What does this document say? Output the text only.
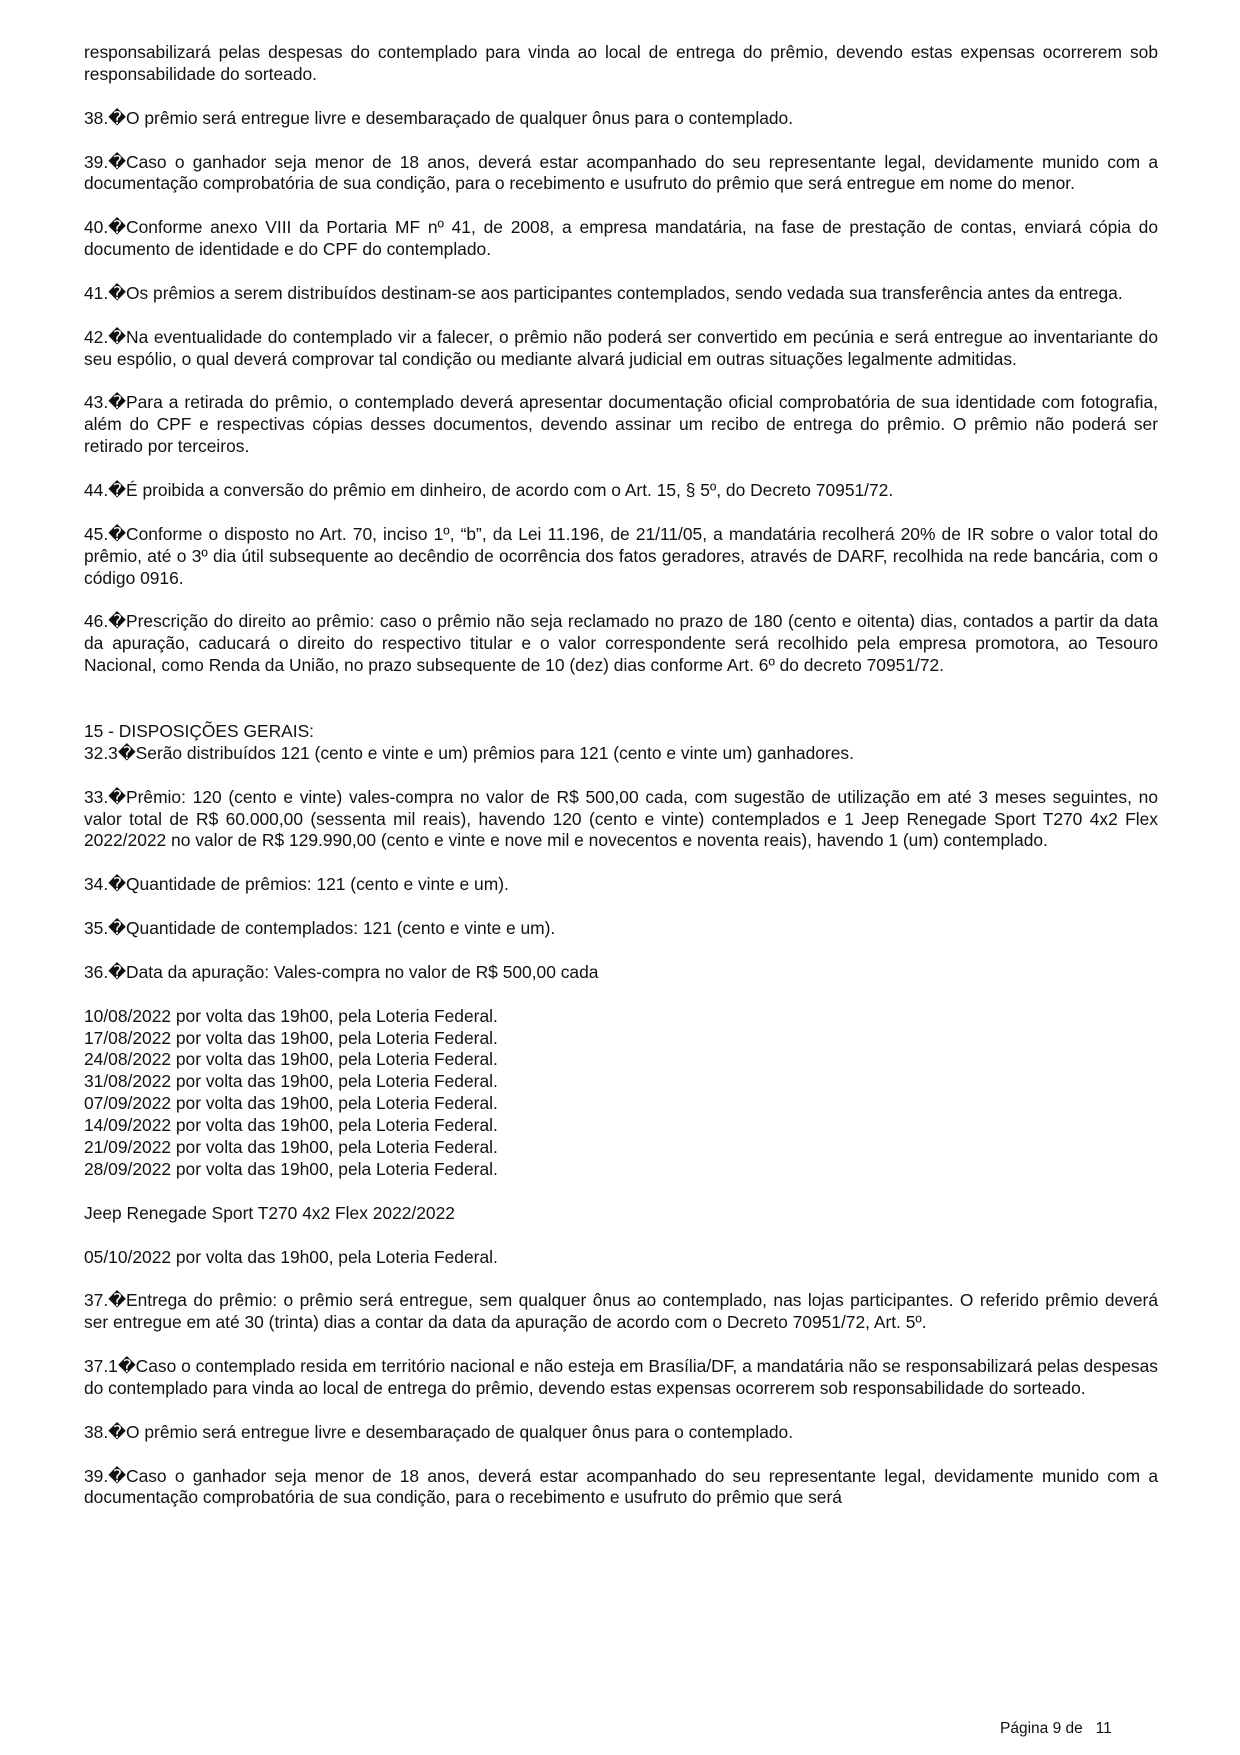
responsabilizará pelas despesas do contemplado para vinda ao local de entrega do prêmio, devendo estas expensas ocorrerem sob responsabilidade do sorteado.

38.�O prêmio será entregue livre e desembaraçado de qualquer ônus para o contemplado.

39.�Caso o ganhador seja menor de 18 anos, deverá estar acompanhado do seu representante legal, devidamente munido com a documentação comprobatória de sua condição, para o recebimento e usufruto do prêmio que será entregue em nome do menor.

40.�Conforme anexo VIII da Portaria MF nº 41, de 2008, a empresa mandatária, na fase de prestação de contas, enviará cópia do documento de identidade e do CPF do contemplado.

41.�Os prêmios a serem distribuídos destinam-se aos participantes contemplados, sendo vedada sua transferência antes da entrega.

42.�Na eventualidade do contemplado vir a falecer, o prêmio não poderá ser convertido em pecúnia e será entregue ao inventariante do seu espólio, o qual deverá comprovar tal condição ou mediante alvará judicial em outras situações legalmente admitidas.

43.�Para a retirada do prêmio, o contemplado deverá apresentar documentação oficial comprobatória de sua identidade com fotografia, além do CPF e respectivas cópias desses documentos, devendo assinar um recibo de entrega do prêmio. O prêmio não poderá ser retirado por terceiros.

44.�É proibida a conversão do prêmio em dinheiro, de acordo com o Art. 15, § 5º, do Decreto 70951/72.

45.�Conforme o disposto no Art. 70, inciso 1º, “b”, da Lei 11.196, de 21/11/05, a mandatária recolherá 20% de IR sobre o valor total do prêmio, até o 3º dia útil subsequente ao decêndio de ocorrência dos fatos geradores, através de DARF, recolhida na rede bancária, com o código 0916.

46.�Prescrição do direito ao prêmio: caso o prêmio não seja reclamado no prazo de 180 (cento e oitenta) dias, contados a partir da data da apuração, caducará o direito do respectivo titular e o valor correspondente será recolhido pela empresa promotora, ao Tesouro Nacional, como Renda da União, no prazo subsequente de 10 (dez) dias conforme Art. 6º do decreto 70951/72.

15 - DISPOSIÇÕES GERAIS:

32.3�Serão distribuídos 121 (cento e vinte e um) prêmios para 121 (cento e vinte um) ganhadores.

33.�Prêmio: 120 (cento e vinte) vales-compra no valor de R$ 500,00 cada, com sugestão de utilização em até 3 meses seguintes, no valor total de R$ 60.000,00 (sessenta mil reais), havendo 120 (cento e vinte) contemplados e 1 Jeep Renegade Sport T270 4x2 Flex 2022/2022 no valor de R$ 129.990,00 (cento e vinte e nove mil e novecentos e noventa reais), havendo 1 (um) contemplado.

34.�Quantidade de prêmios: 121 (cento e vinte e um).

35.�Quantidade de contemplados: 121 (cento e vinte e um).

36.�Data da apuração: Vales-compra no valor de R$ 500,00 cada

10/08/2022 por volta das 19h00, pela Loteria Federal.

17/08/2022 por volta das 19h00, pela Loteria Federal.

24/08/2022 por volta das 19h00, pela Loteria Federal.

31/08/2022 por volta das 19h00, pela Loteria Federal.

07/09/2022 por volta das 19h00, pela Loteria Federal.

14/09/2022 por volta das 19h00, pela Loteria Federal.

21/09/2022 por volta das 19h00, pela Loteria Federal.

28/09/2022 por volta das 19h00, pela Loteria Federal.

Jeep Renegade Sport T270 4x2 Flex 2022/2022

05/10/2022 por volta das 19h00, pela Loteria Federal.

37.�Entrega do prêmio: o prêmio será entregue, sem qualquer ônus ao contemplado, nas lojas participantes. O referido prêmio deverá ser entregue em até 30 (trinta) dias a contar da data da apuração de acordo com o Decreto 70951/72, Art. 5º.

37.1�Caso o contemplado resida em território nacional e não esteja em Brasília/DF, a mandatária não se responsabilizará pelas despesas do contemplado para vinda ao local de entrega do prêmio, devendo estas expensas ocorrerem sob responsabilidade do sorteado.

38.�O prêmio será entregue livre e desembaraçado de qualquer ônus para o contemplado.

39.�Caso o ganhador seja menor de 18 anos, deverá estar acompanhado do seu representante legal, devidamente munido com a documentação comprobatória de sua condição, para o recebimento e usufruto do prêmio que será

Página 9 de   11
